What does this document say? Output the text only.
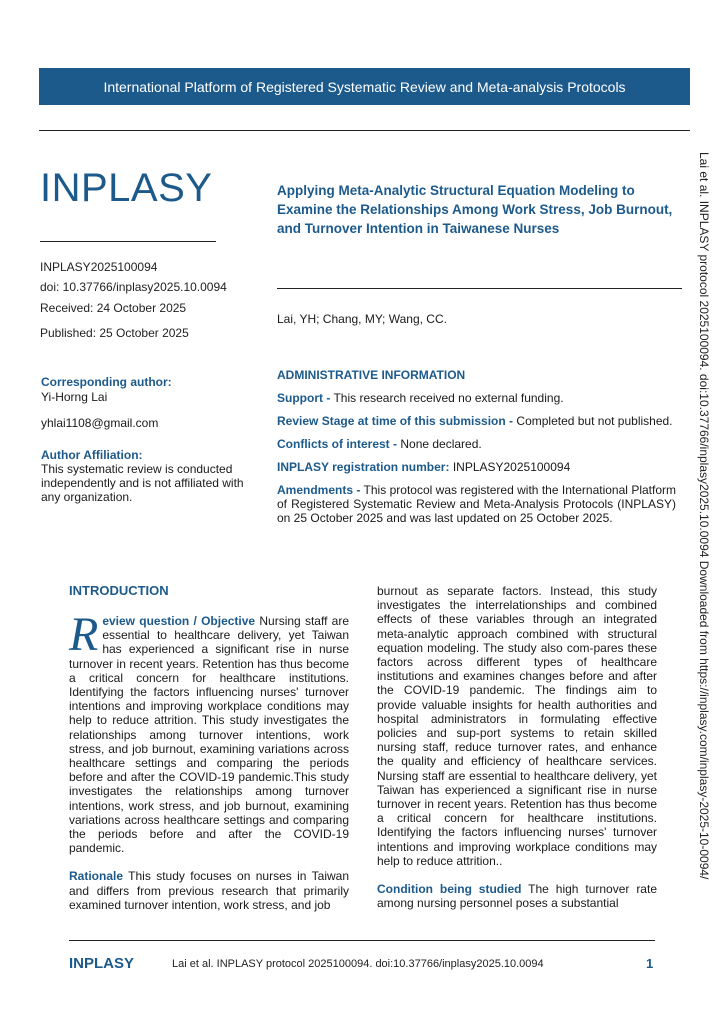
International Platform of Registered Systematic Review and Meta-analysis Protocols
INPLASY
INPLASY2025100094
doi: 10.37766/inplasy2025.10.0094
Received: 24 October 2025
Published: 25 October 2025
Applying Meta-Analytic Structural Equation Modeling to Examine the Relationships Among Work Stress, Job Burnout, and Turnover Intention in Taiwanese Nurses
Lai, YH; Chang, MY; Wang, CC.
Corresponding author:
Yi-Horng Lai
yhlai1108@gmail.com
Author Affiliation:
This systematic review is conducted independently and is not affiliated with any organization.

ADMINISTRATIVE INFORMATION

Support - This research received no external funding.

Review Stage at time of this submission - Completed but not published.

Conflicts of interest - None declared.

INPLASY registration number: INPLASY2025100094

Amendments - This protocol was registered with the International Platform of Registered Systematic Review and Meta-Analysis Protocols (INPLASY) on 25 October 2025 and was last updated on 25 October 2025.	Lai et al. INPLASY protocol 2025100094. doi:10.37766/inplasy2025.10.0094 Downloaded from https://inplasy.com/inplasy-2025-10-0094/
INTRODUCTION

Review question / Objective Nursing staff are essential to healthcare delivery, yet Taiwan has experienced a significant rise in nurse turnover in recent years. Retention has thus become a critical concern for healthcare institutions. Identifying the factors influencing nurses' turnover intentions and improving workplace conditions may help to reduce attrition. This study investigates the relationships among turnover intentions, work stress, and job burnout, examining variations across healthcare settings and comparing the periods before and after the COVID-19 pandemic.This study investigates the relationships among turnover intentions, work stress, and job burnout, examining variations across healthcare settings and comparing the periods before and after the COVID-19 pandemic.

Rationale This study focuses on nurses in Taiwan and differs from previous research that primarily examined turnover intention, work stress, and job

burnout as separate factors. Instead, this study investigates the interrelationships and combined effects of these variables through an integrated meta-analytic approach combined with structural equation modeling. The study also com-pares these factors across different types of healthcare institutions and examines changes before and after the COVID-19 pandemic. The findings aim to provide valuable insights for health authorities and hospital administrators in formulating effective policies and sup-port systems to retain skilled nursing staff, reduce turnover rates, and enhance the quality and efficiency of healthcare services. Nursing staff are essential to healthcare delivery, yet Taiwan has experienced a significant rise in nurse turnover in recent years. Retention has thus become a critical concern for healthcare institutions. Identifying the factors influencing nurses' turnover intentions and improving workplace conditions may help to reduce attrition..

Condition being studied The high turnover rate among nursing personnel poses a substantial

INPLASY	Lai et al. INPLASY protocol 2025100094. doi:10.37766/inplasy2025.10.0094	1
